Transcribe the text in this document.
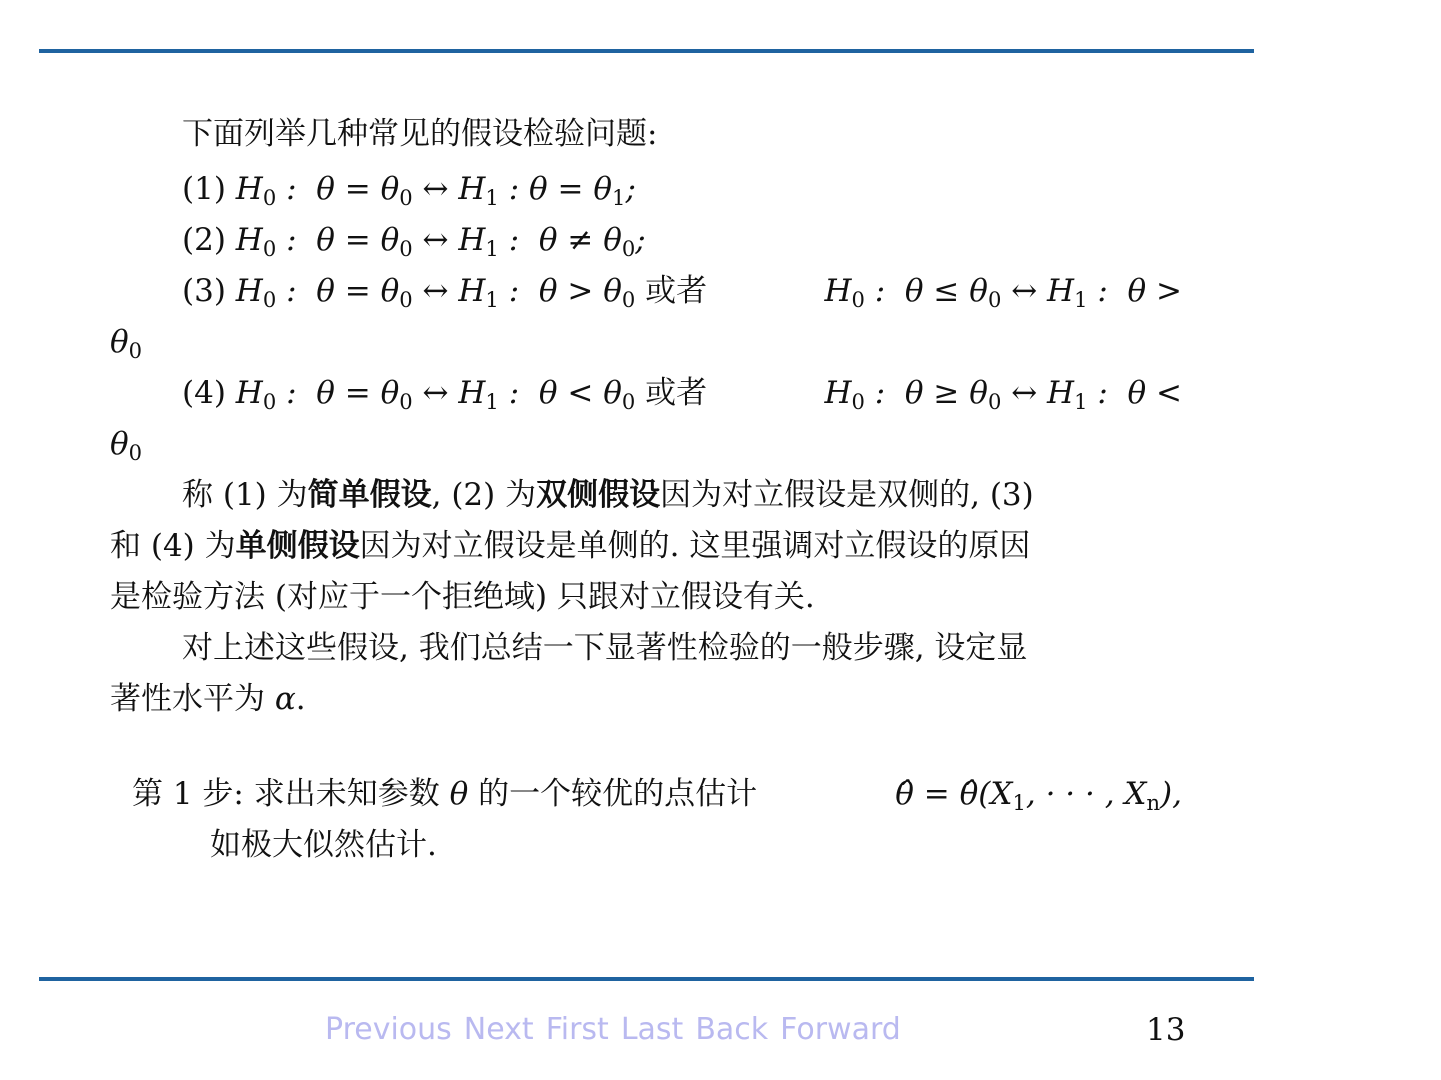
下面列举几种常见的假设检验问题:
(1) $H_0$ :  $\theta = \theta_0$ ↔ $H_1$ : $\theta = \theta_1$;
(2) $H_0$ :  $\theta = \theta_0$ ↔ $H_1$ :  $\theta \ne \theta_0$;
(3) $H_0$ :  $\theta = \theta_0$ ↔ $H_1$ :  $\theta > \theta_0$ 或者	$H_0$ :  $\theta \le \theta_0$ ↔ $H_1$ :  θ >
$\theta_0$
(4) $H_0$ :  $\theta = \theta_0$ ↔ $H_1$ :  $\theta < \theta_0$ 或者	$H_0$ :  $\theta \ge \theta_0$ ↔ $H_1$ :  θ <
$\theta_0$
称 (1) 为简单假设, (2) 为双侧假设因为对立假设是双侧的, (3)
和 (4) 为单侧假设因为对立假设是单侧的. 这里强调对立假设的原因
是检验方法 (对应于一个拒绝域) 只跟对立假设有关.
对上述这些假设, 我们总结一下显著性检验的一般步骤, 设定显
著性水平为 α.
第 1 步: 求出未知参数 θ 的一个较优的点估计	θ̂ = $\thetâ(X_1$, · · · , $X_n$),
如极大似然估计.
Previous Next First Last Back Forward	13
